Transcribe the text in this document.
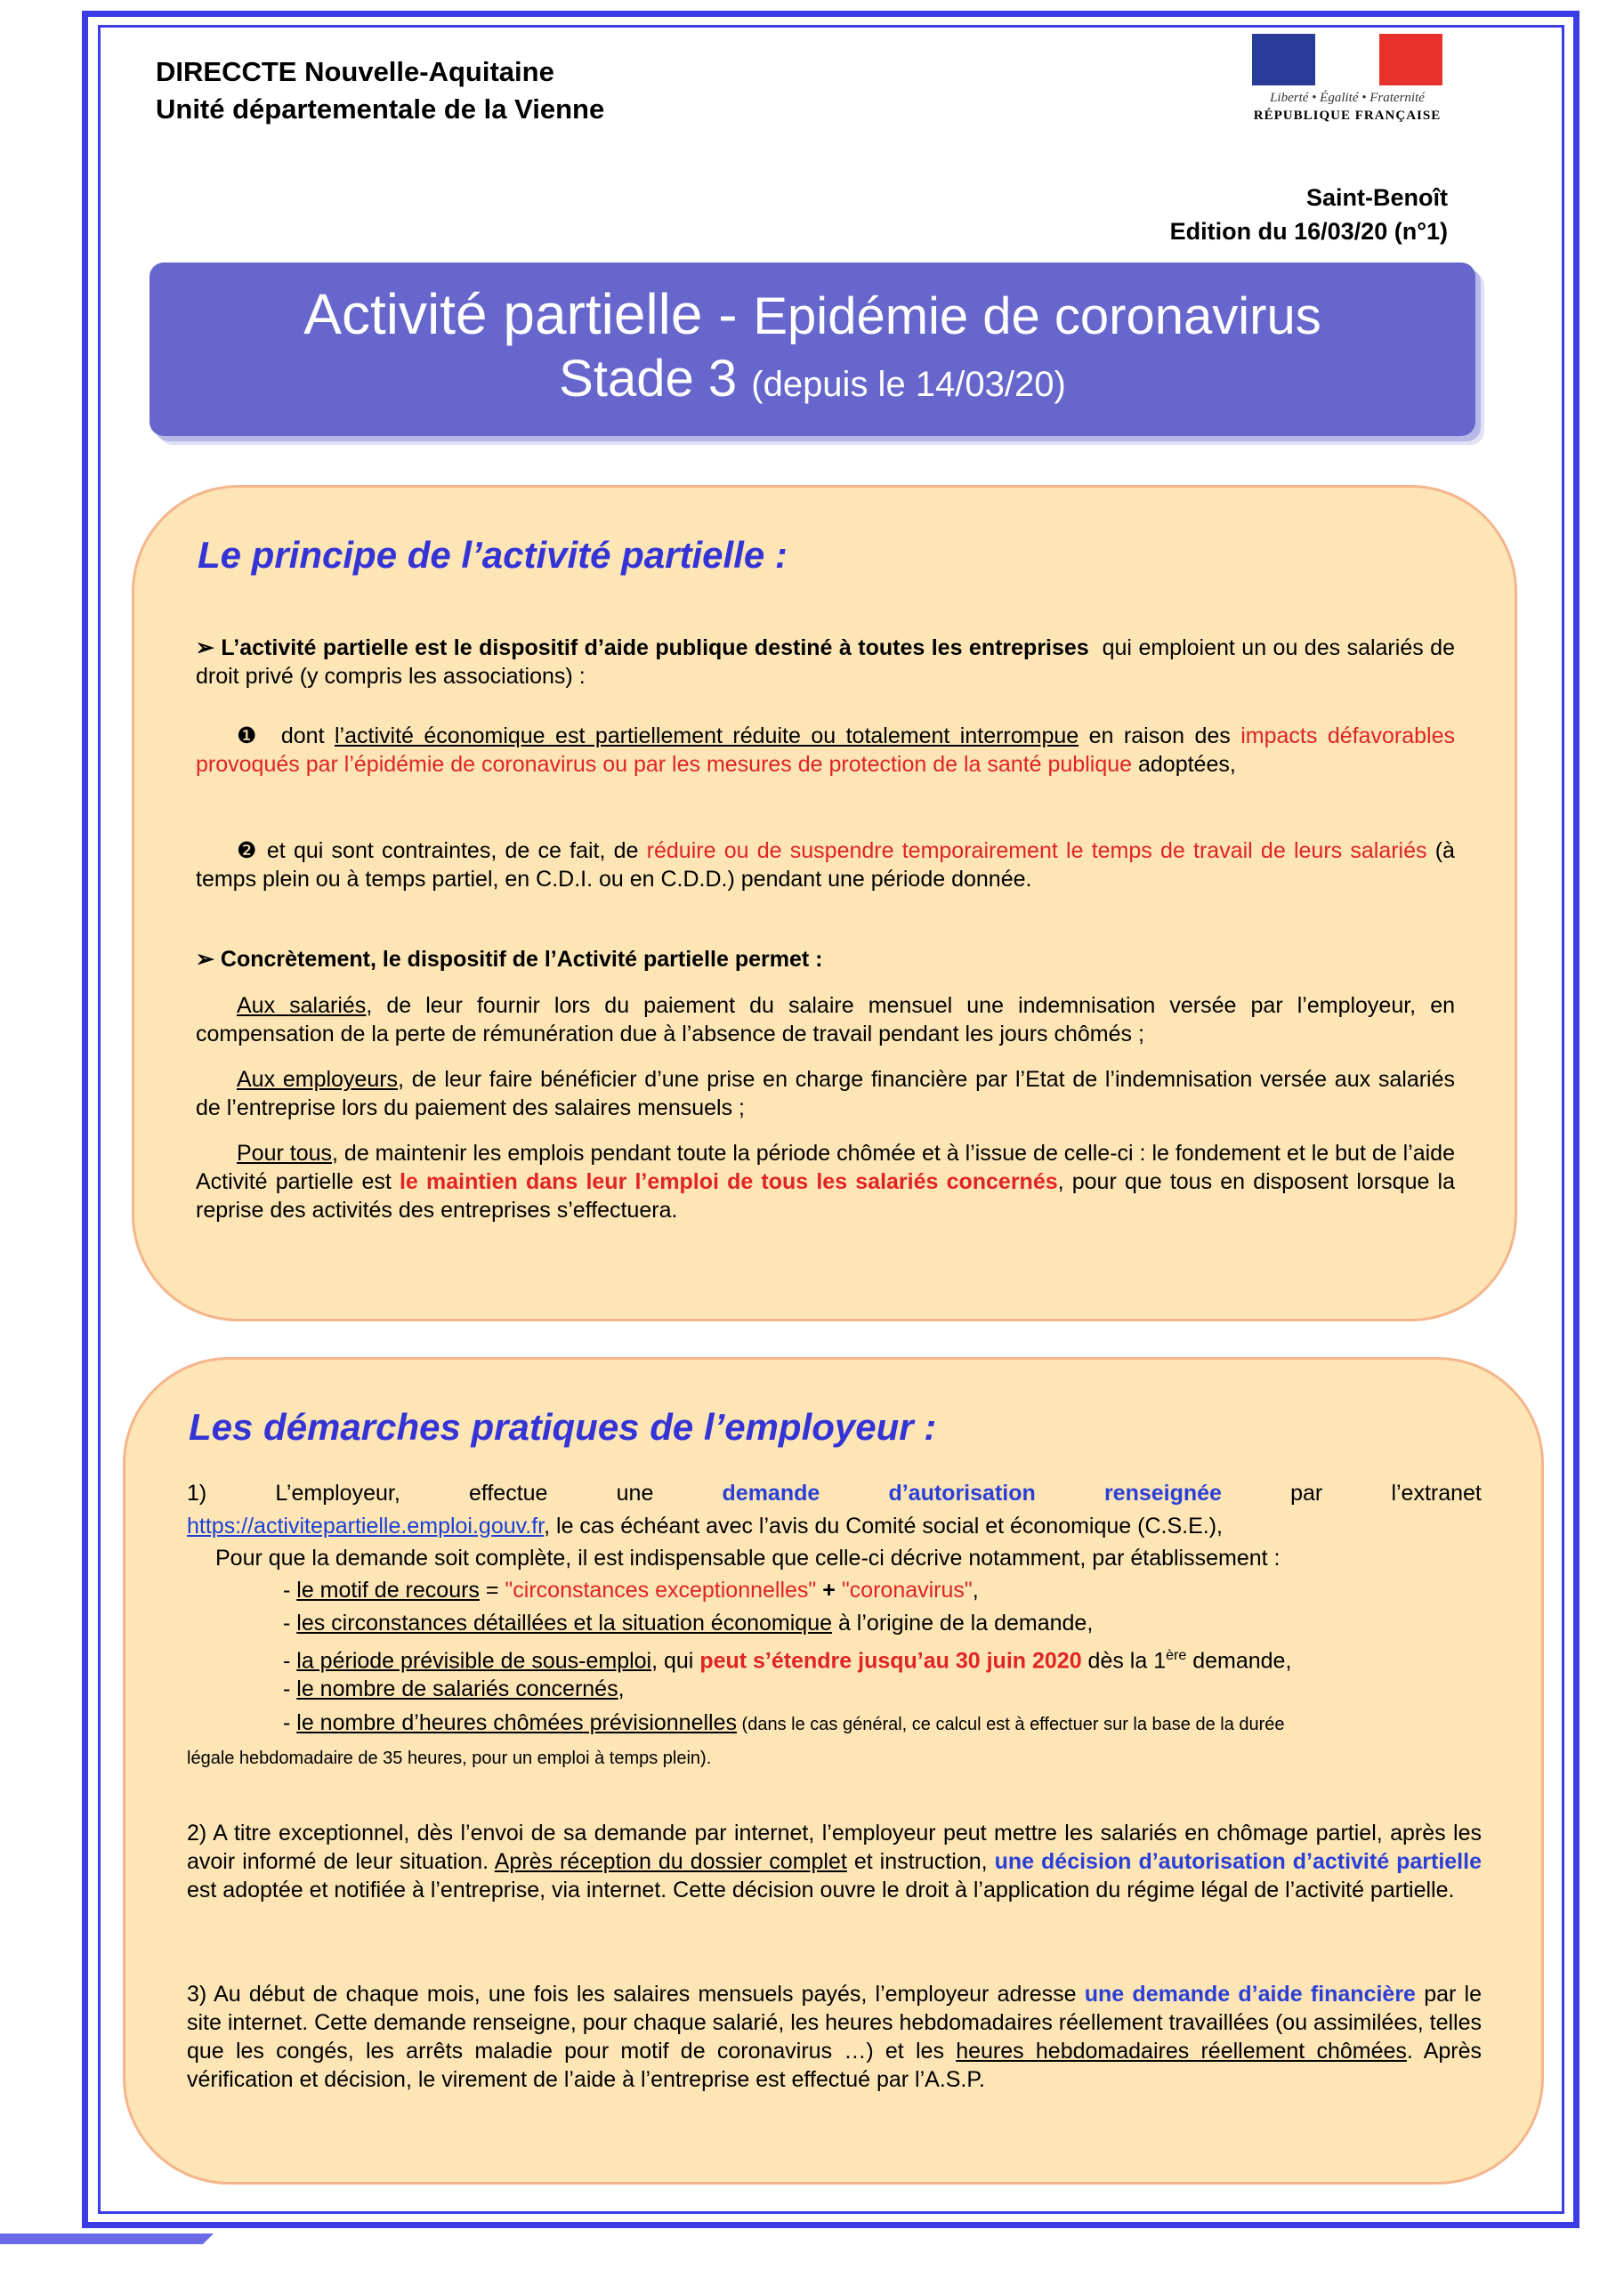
DIRECCTE Nouvelle-Aquitaine
Unité départementale de la Vienne	Liberté • Égalité • Fraternité
RÉPUBLIQUE FRANÇAISE
Saint-Benoît
Edition du 16/03/20 (n°1)
Activité partielle - Epidémie de coronavirus
Stade 3 (depuis le 14/03/20)
Le principe de l’activité partielle :
➢ L’activité partielle est le dispositif d’aide publique destiné à toutes les entreprises qui emploient un ou des salariés de droit privé (y compris les associations) :
❶ dont l’activité économique est partiellement réduite ou totalement interrompue en raison des impacts défavorables provoqués par l’épidémie de coronavirus ou par les mesures de protection de la santé publique adoptées,
❷ et qui sont contraintes, de ce fait, de réduire ou de suspendre temporairement le temps de travail de leurs salariés (à temps plein ou à temps partiel, en C.D.I. ou en C.D.D.) pendant une période donnée.
➢ Concrètement, le dispositif de l’Activité partielle permet :
Aux salariés, de leur fournir lors du paiement du salaire mensuel une indemnisation versée par l’employeur, en compensation de la perte de rémunération due à l’absence de travail pendant les jours chômés ;
Aux employeurs, de leur faire bénéficier d’une prise en charge financière par l’Etat de l’indemnisation versée aux salariés de l’entreprise lors du paiement des salaires mensuels ;
Pour tous, de maintenir les emplois pendant toute la période chômée et à l’issue de celle-ci : le fondement et le but de l’aide Activité partielle est le maintien dans leur l’emploi de tous les salariés concernés, pour que tous en disposent lorsque la reprise des activités des entreprises s’effectuera.
Les démarches pratiques de l’employeur :
1)	L’employeur,	effectue	une	demande	d’autorisation	renseignée	par	l’extranet
https://activitepartielle.emploi.gouv.fr, le cas échéant avec l’avis du Comité social et économique (C.S.E.),
Pour que la demande soit complète, il est indispensable que celle-ci décrive notamment, par établissement :
- le motif de recours = "circonstances exceptionnelles" + "coronavirus",
- les circonstances détaillées et la situation économique à l’origine de la demande,
- la période prévisible de sous-emploi, qui peut s’étendre jusqu’au 30 juin 2020 dès la 1ère demande,
- le nombre de salariés concernés,
- le nombre d’heures chômées prévisionnelles (dans le cas général, ce calcul est à effectuer sur la base de la durée
légale hebdomadaire de 35 heures, pour un emploi à temps plein).
2) A titre exceptionnel, dès l’envoi de sa demande par internet, l’employeur peut mettre les salariés en chômage partiel, après les avoir informé de leur situation. Après réception du dossier complet et instruction, une décision d’autorisation d’activité partielle est adoptée et notifiée à l’entreprise, via internet. Cette décision ouvre le droit à l’application du régime légal de l’activité partielle.
3) Au début de chaque mois, une fois les salaires mensuels payés, l’employeur adresse une demande d’aide financière par le site internet. Cette demande renseigne, pour chaque salarié, les heures hebdomadaires réellement travaillées (ou assimilées, telles que les congés, les arrêts maladie pour motif de coronavirus …) et les heures hebdomadaires réellement chômées. Après vérification et décision, le virement de l’aide à l’entreprise est effectué par l’A.S.P.
